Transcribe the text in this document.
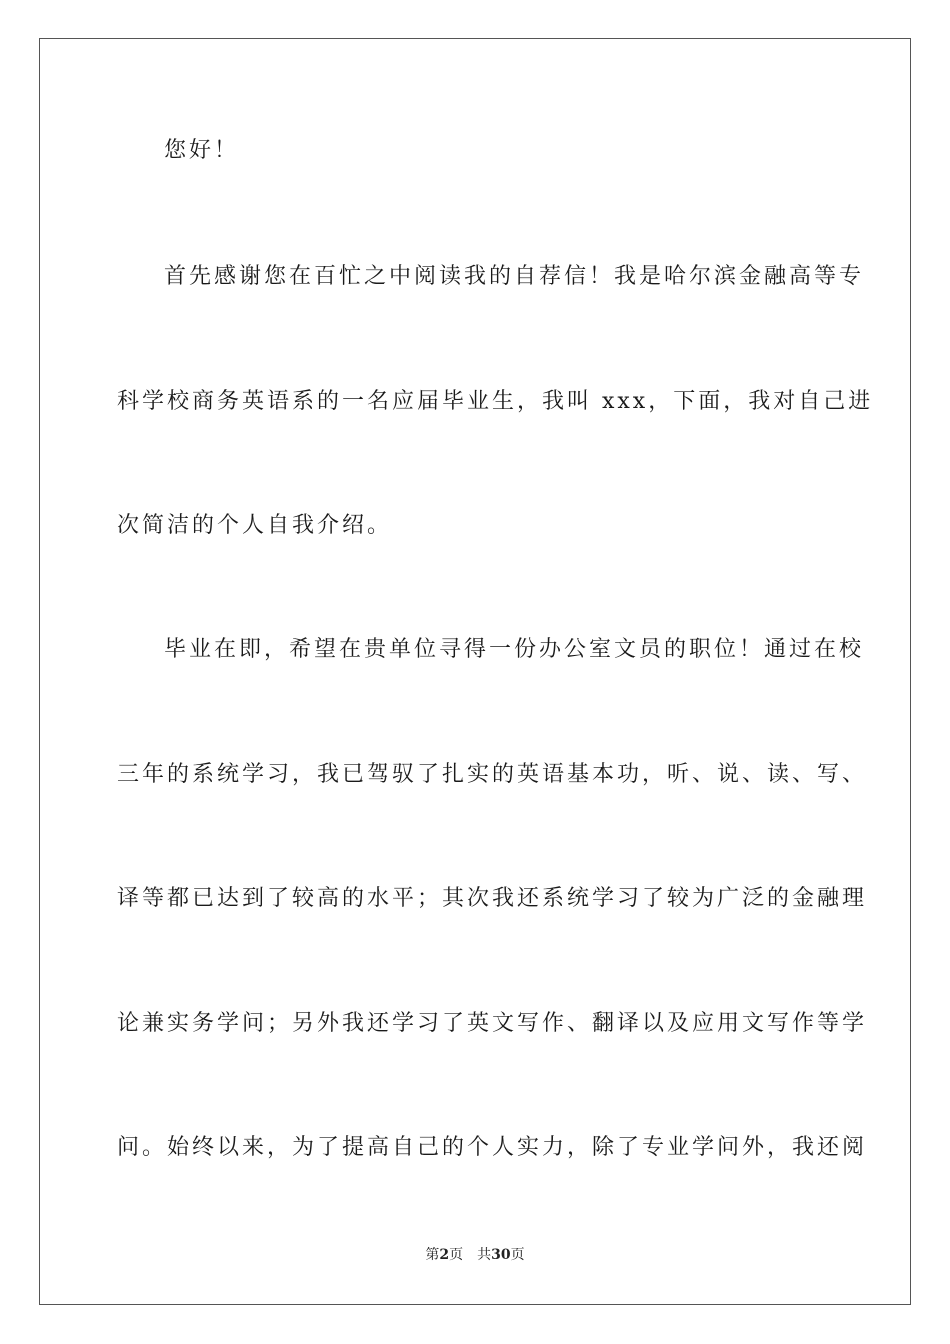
您好！
首先感谢您在百忙之中阅读我的自荐信！我是哈尔滨金融高等专
科学校商务英语系的一名应届毕业生，我叫 xxx，下面，我对自己进
次简洁的个人自我介绍。
毕业在即，希望在贵单位寻得一份办公室文员的职位！通过在校
三年的系统学习，我已驾驭了扎实的英语基本功，听、说、读、写、
译等都已达到了较高的水平；其次我还系统学习了较为广泛的金融理
论兼实务学问；另外我还学习了英文写作、翻译以及应用文写作等学
问。始终以来，为了提高自己的个人实力，除了专业学问外，我还阅
第2页 共30页
